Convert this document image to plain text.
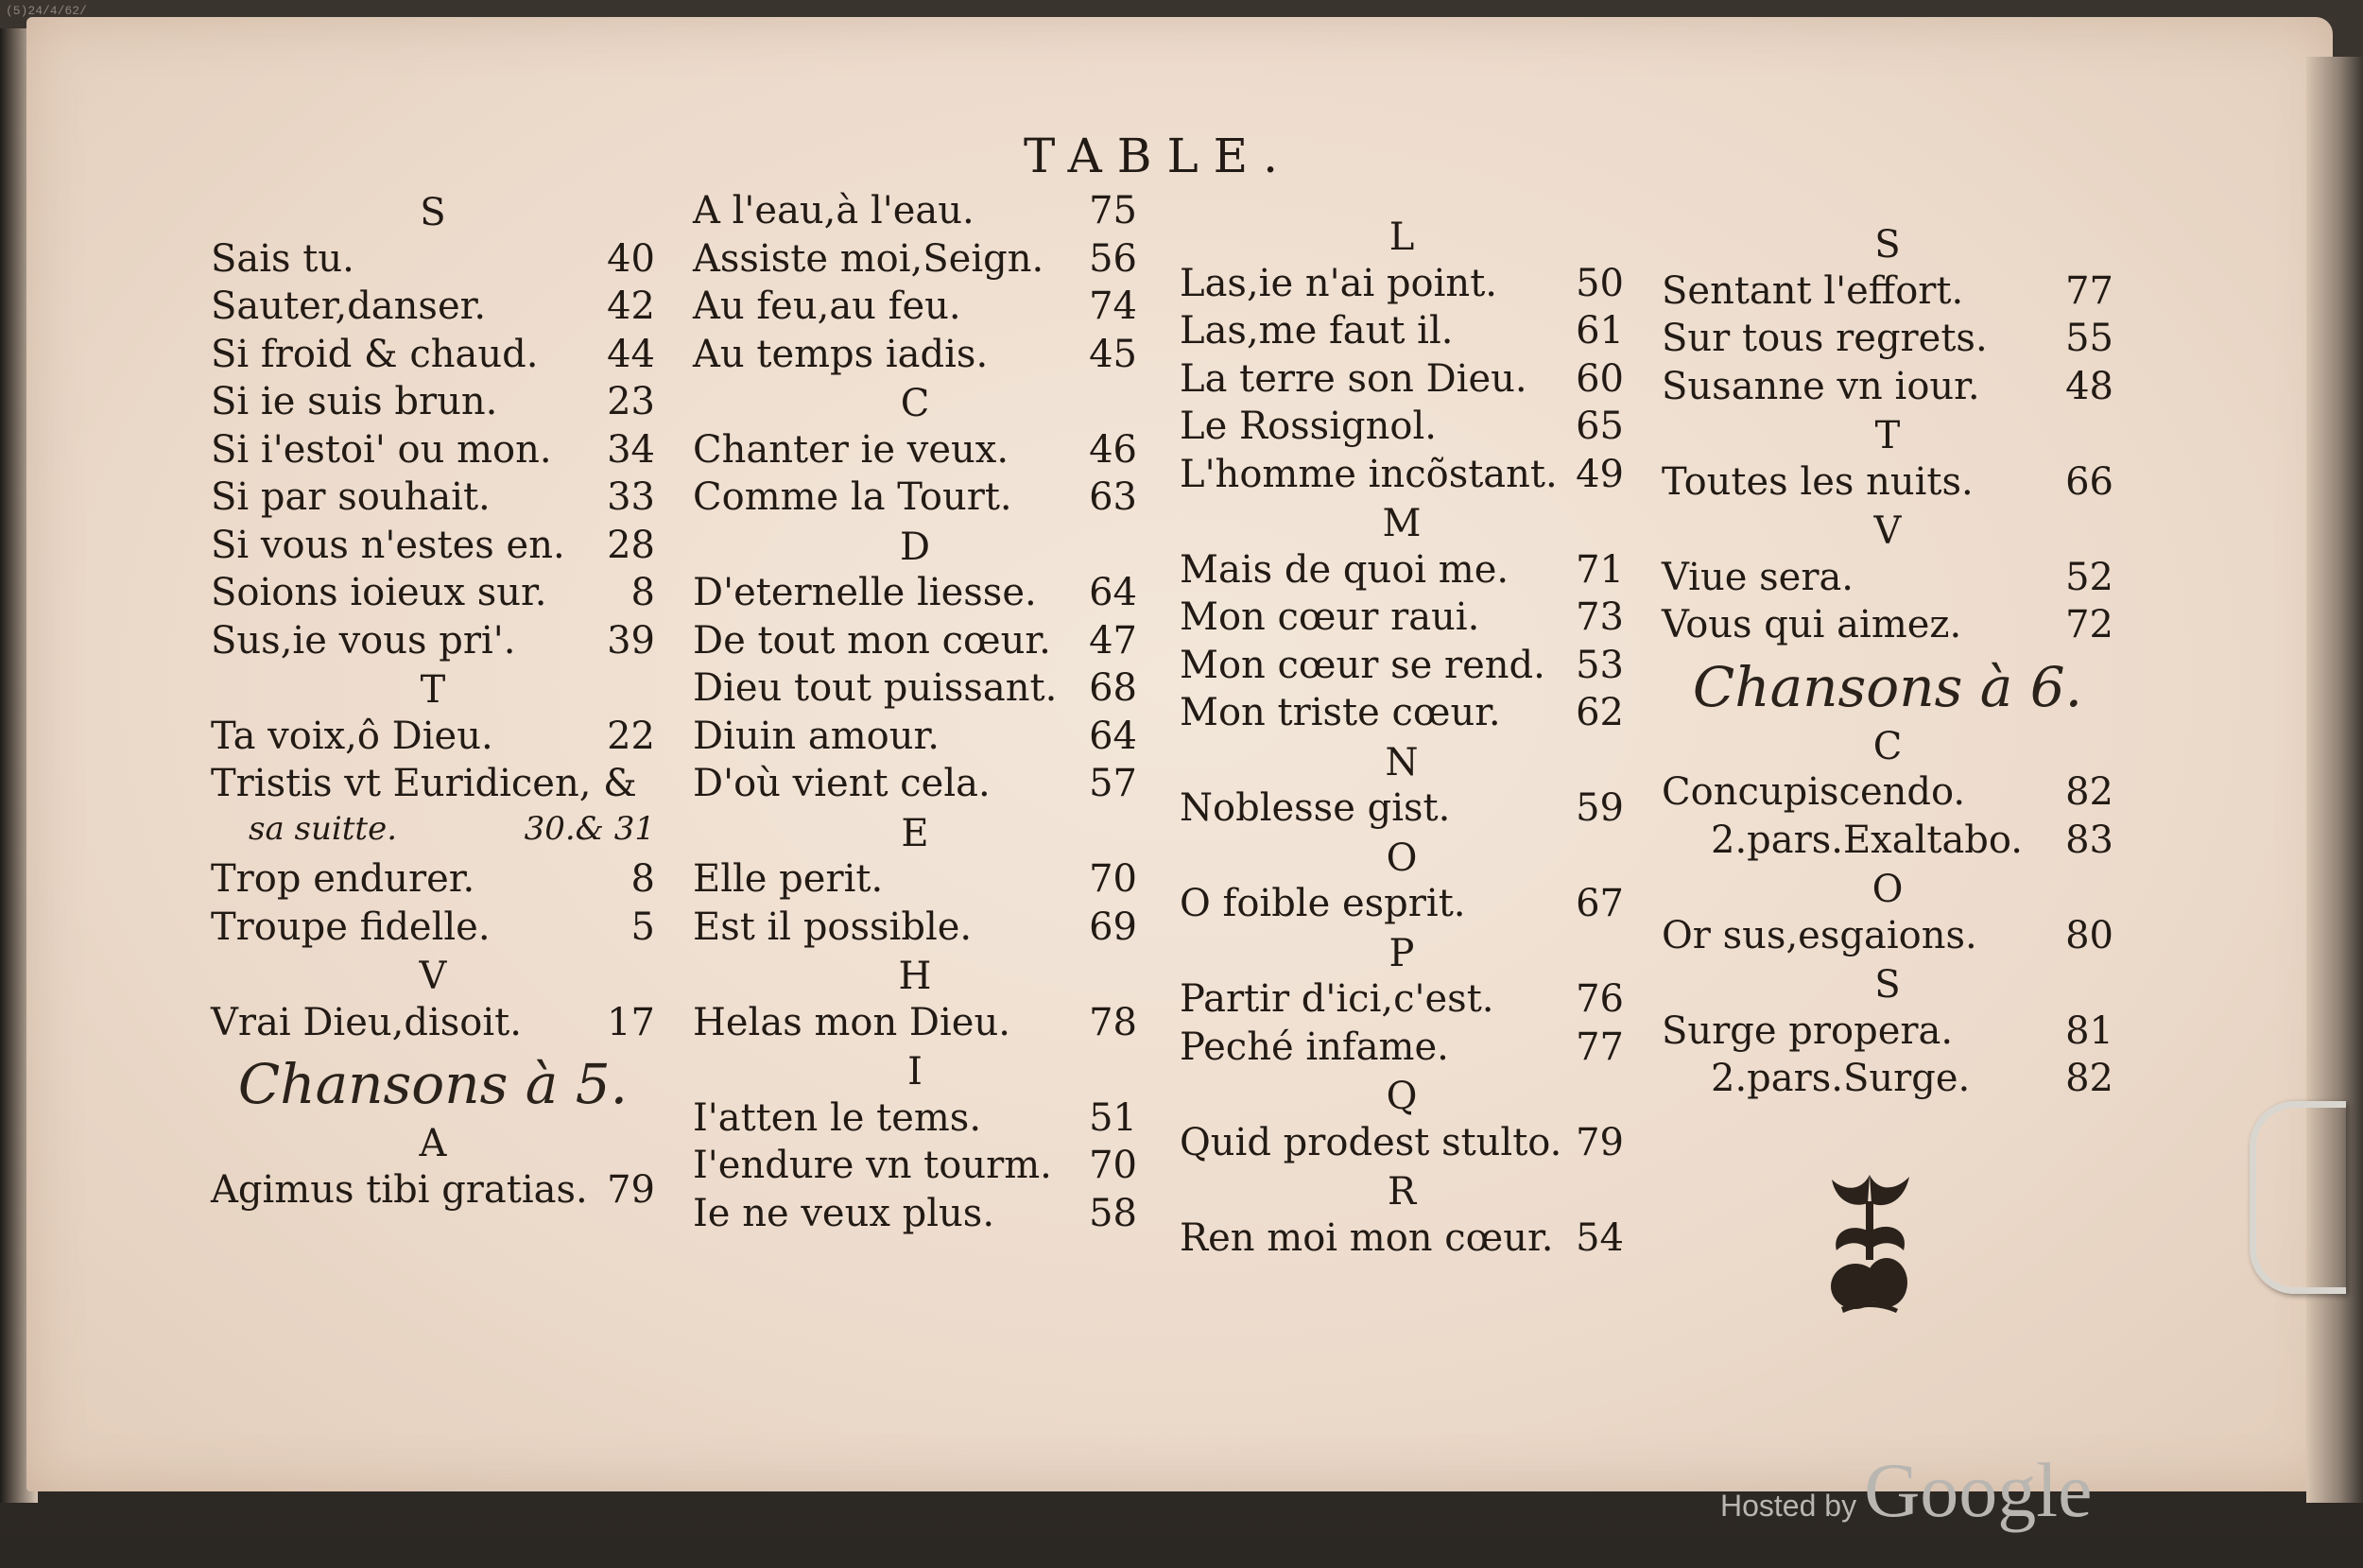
TABLE.
S
Sais tu.	40
Sauter,danser.	42
Si froid & chaud.	44
Si ie suis brun.	23
Si i'estoi' ou mon.	34
Si par souhait.	33
Si vous n'estes en.	28
Soions ioieux sur.	8
Sus,ie vous pri'.	39
T
Ta voix,ô Dieu.	22
Tristis vt Euridicen, &
sa suitte.	30.& 31
Trop endurer.	8
Troupe fidelle.	5
V
Vrai Dieu,disoit.	17
Chansons à 5.
A
Agimus tibi gratias. 79
A l'eau,à l'eau.	75
Assiste moi,Seign.	56
Au feu,au feu.	74
Au temps iadis.	45
C
Chanter ie veux.	46
Comme la Tourt.	63
D
D'eternelle liesse.	64
De tout mon cœur.	47
Dieu tout puissant. 68
Diuin amour.	64
D'où vient cela.	57
E
Elle perit.	70
Est il possible.	69
H
Helas mon Dieu.	78
I
I'atten le tems.	51
I'endure vn tourm. 70
Ie ne veux plus.	58
L
Las,ie n'ai point.	50
Las,me faut il.	61
La terre son Dieu.	60
Le Rossignol.	65
L'homme incõstant. 49
M
Mais de quoi me.	71
Mon cœur raui.	73
Mon cœur se rend. 53
Mon triste cœur.	62
N
Noblesse gist.	59
O
O foible esprit.	67
P
Partir d'ici,c'est.	76
Peché infame.	77
Q
Quid prodest stulto. 79
R
Ren moi mon cœur. 54
S
Sentant l'effort.	77
Sur tous regrets.	55
Susanne vn iour.	48
T
Toutes les nuits.	66
V
Viue sera.	52
Vous qui aimez.	72
Chansons à 6.
C
Concupiscendo.	82
2.pars.Exaltabo.	83
O
Or sus,esgaions.	80
S
Surge propera.	81
2.pars.Surge.	82
Hosted byGoogle
(5)24/4/62/
